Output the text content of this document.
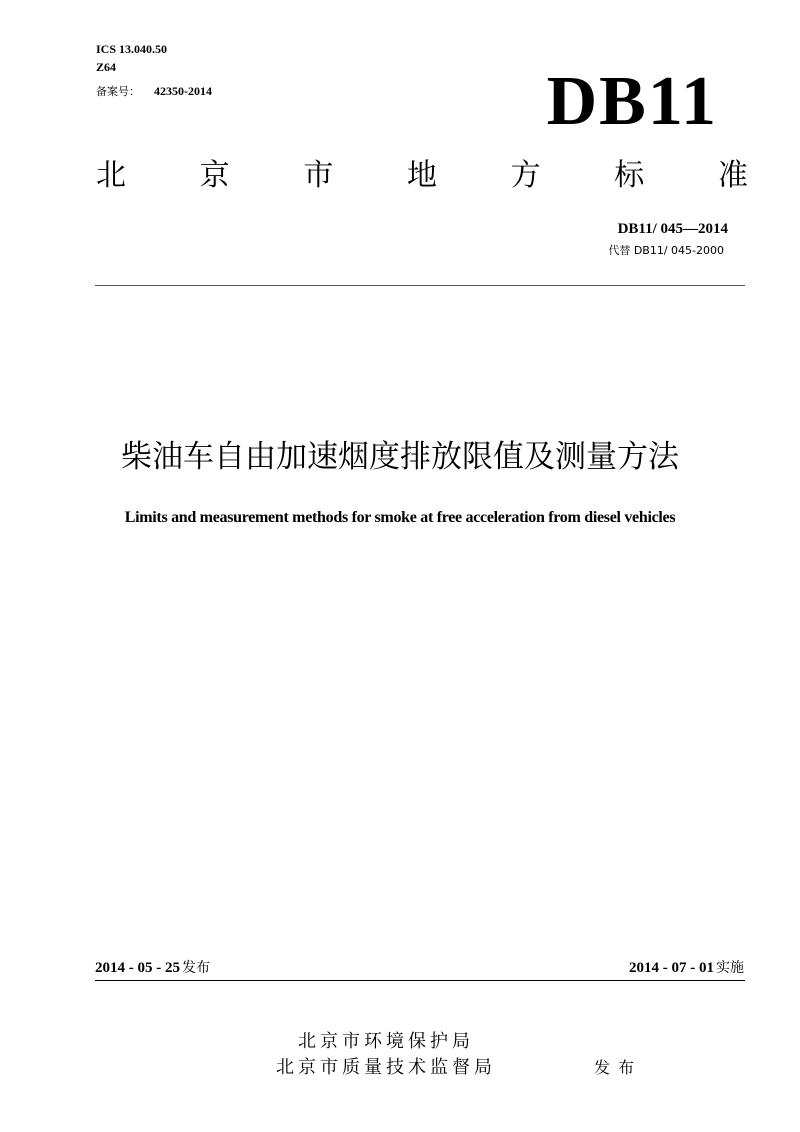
ICS 13.040.50
Z64
备案号： 42350-2014	DB11
北 京 市 地 方 标 准
DB11/ 045—2014
代替 DB11/ 045-2000
柴油车自由加速烟度排放限值及测量方法
Limits and measurement methods for smoke at free acceleration from diesel vehicles
2014 - 05 - 25 发布	2014 - 07 - 01 实施
北京市环境保护局
北京市质量技术监督局	发布
